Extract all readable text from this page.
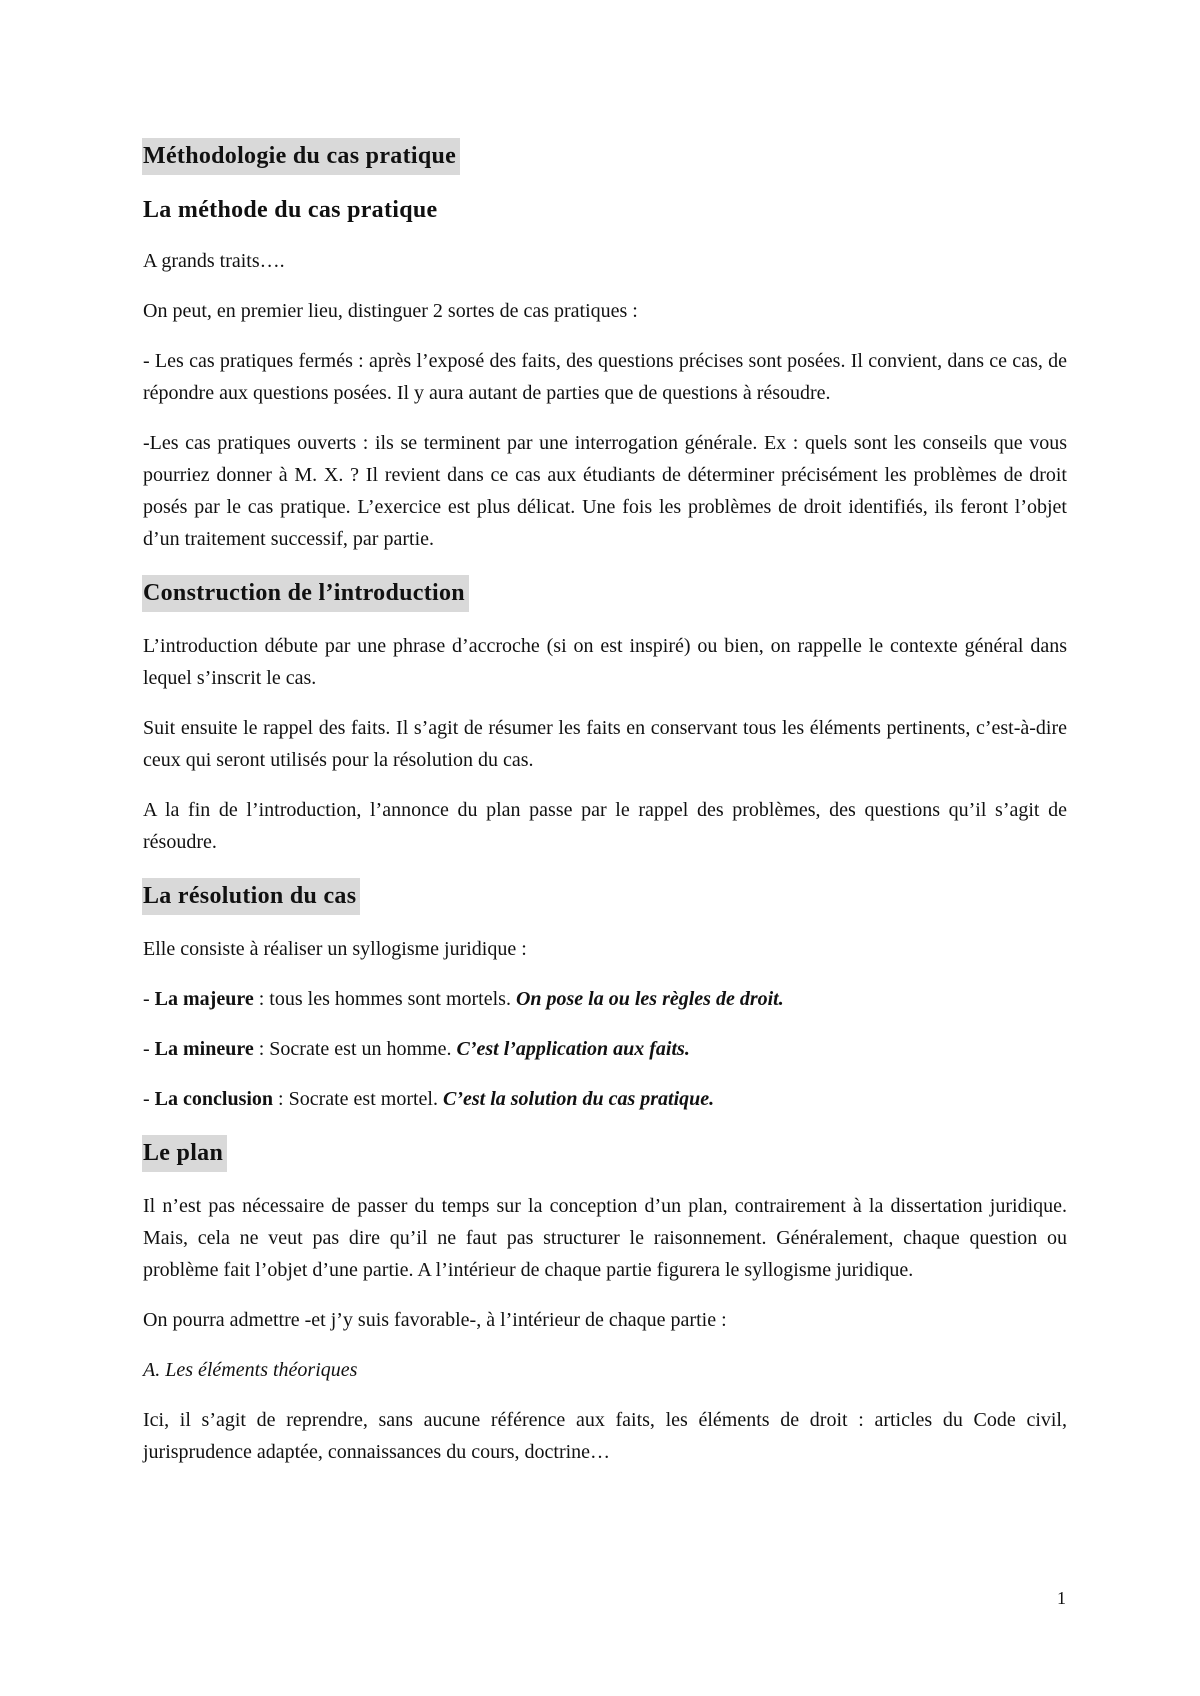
Méthodologie du cas pratique
La méthode du cas pratique

A grands traits….

On peut, en premier lieu, distinguer 2 sortes de cas pratiques :

- Les cas pratiques fermés : après l’exposé des faits, des questions précises sont posées. Il convient, dans ce cas, de répondre aux questions posées. Il y aura autant de parties que de questions à résoudre.

-Les cas pratiques ouverts : ils se terminent par une interrogation générale. Ex : quels sont les conseils que vous pourriez donner à M. X. ? Il revient dans ce cas aux étudiants de déterminer précisément les problèmes de droit posés par le cas pratique. L’exercice est plus délicat. Une fois les problèmes de droit identifiés, ils feront l’objet d’un traitement successif, par partie.

Construction de l’introduction

L’introduction débute par une phrase d’accroche (si on est inspiré) ou bien, on rappelle le contexte général dans lequel s’inscrit le cas.

Suit ensuite le rappel des faits. Il s’agit de résumer les faits en conservant tous les éléments pertinents, c’est-à-dire ceux qui seront utilisés pour la résolution du cas.

A la fin de l’introduction, l’annonce du plan passe par le rappel des problèmes, des questions qu’il s’agit de résoudre.

La résolution du cas

Elle consiste à réaliser un syllogisme juridique :

- La majeure : tous les hommes sont mortels. On pose la ou les règles de droit.

- La mineure : Socrate est un homme. C’est l’application aux faits.

- La conclusion : Socrate est mortel. C’est la solution du cas pratique.

Le plan

Il n’est pas nécessaire de passer du temps sur la conception d’un plan, contrairement à la dissertation juridique. Mais, cela ne veut pas dire qu’il ne faut pas structurer le raisonnement. Généralement, chaque question ou problème fait l’objet d’une partie. A l’intérieur de chaque partie figurera le syllogisme juridique.

On pourra admettre -et j’y suis favorable-, à l’intérieur de chaque partie :

A. Les éléments théoriques

Ici, il s’agit de reprendre, sans aucune référence aux faits, les éléments de droit : articles du Code civil, jurisprudence adaptée, connaissances du cours, doctrine…

1
